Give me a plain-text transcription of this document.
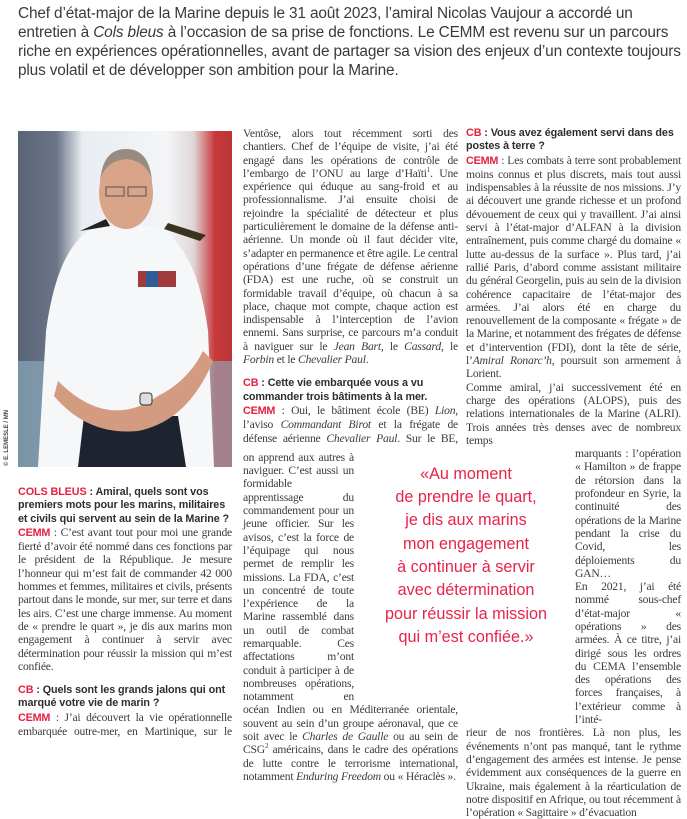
Chef d’état-major de la Marine depuis le 31 août 2023, l’amiral Nicolas Vaujour a accordé un entretien à Cols bleus à l’occasion de sa prise de fonctions. Le CEMM est revenu sur un parcours riche en expériences opérationnelles, avant de partager sa vision des enjeux d’un contexte toujours plus volatil et de développer son ambition pour la Marine.

COLS BLEUS : Amiral, quels sont vos premiers mots pour les marins, militaires et civils qui servent au sein de la Marine ?

CEMM : C’est avant tout pour moi une grande fierté d’avoir été nommé dans ces fonctions par le président de la République. Je mesure l’honneur qui m’est fait de commander 42 000 hommes et femmes, militaires et civils, présents partout dans le monde, sur mer, sur terre et dans les airs. C’est une charge immense. Au moment de « prendre le quart », je dis aux marins mon engagement à continuer à servir avec détermination pour réussir la mission qui m’est confiée.

CB : Quels sont les grands jalons qui ont marqué votre vie de marin ?

CEMM : J’ai découvert la vie opérationnelle embarquée outre-mer, en Martinique, sur le

© E. LEMESLE / MN

Ventôse, alors tout récemment sorti des chantiers. Chef de l’équipe de visite, j’ai été engagé dans les opérations de contrôle de l’embargo de l’ONU au large d’Haïti$^1$. Une expérience qui éduque au sang-froid et au professionnalisme. J’ai ensuite choisi de rejoindre la spécialité de détecteur et plus particulièrement le domaine de la défense anti-aérienne. Un monde où il faut décider vite, s’adapter en permanence et être agile. Le central opérations d’une frégate de défense aérienne (FDA) est une ruche, où se construit un formidable travail d’équipe, où chacun à sa place, chaque mot compte, chaque action est indispensable à l’interception de l’avion ennemi. Sans surprise, ce parcours m’a conduit à naviguer sur le Jean Bart, le Cassard, le Forbin et le Chevalier Paul.

CB : Cette vie embarquée vous a vu commander trois bâtiments à la mer.

CEMM : Oui, le bâtiment école (BE) Lion, l’aviso Commandant Birot et la frégate de défense aérienne Chevalier Paul. Sur le BE,

on apprend aux autres à naviguer. C’est aussi un formidable apprentissage du commandement pour un jeune officier. Sur les avisos, c’est la force de l’équipage qui nous permet de remplir les missions. La FDA, c’est un concentré de toute l’expérience de la Marine rassemblé dans un outil de combat remarquable. Ces affectations m’ont conduit à participer à de nombreuses opérations, notamment en

«Au moment
de prendre le quart,
je dis aux marins
mon engagement
à continuer à servir
avec détermination
pour réussir la mission
qui m’est confiée.»

océan Indien ou en Méditerranée orientale, souvent au sein d’un groupe aéronaval, que ce soit avec le Charles de Gaulle ou au sein de CSG$^2$ américains, dans le cadre des opérations de lutte contre le terrorisme international, notamment Enduring Freedom ou « Héraclès ».

CB : Vous avez également servi dans des postes à terre ?

CEMM : Les combats à terre sont probablement moins connus et plus discrets, mais tout aussi indispensables à la réussite de nos missions. J’y ai découvert une grande richesse et un profond dévouement de ceux qui y travaillent. J’ai ainsi servi à l’état-major d’ALFAN à la division entraînement, puis comme chargé du domaine « lutte au-dessus de la surface ». Plus tard, j’ai rallié Paris, d’abord comme assistant militaire du général Georgelin, puis au sein de la division cohérence capacitaire de l’état-major des armées. J’ai alors été en charge du renouvellement de la composante « frégate » de la Marine, et notamment des frégates de défense et d’intervention (FDI), dont la tête de série, l’Amiral Ronarc’h, poursuit son armement à Lorient.

Comme amiral, j’ai successivement été en charge des opérations (ALOPS), puis des relations internationales de la Marine (ALRI). Trois années très denses avec de nombreux temps

marquants : l’opération « Hamilton » de frappe de rétorsion dans la profondeur en Syrie, la continuité des opérations de la Marine pendant la crise du Covid, les déploiements du GAN…

En 2021, j’ai été nommé sous-chef d’état-major « opérations » des armées. À ce titre, j’ai dirigé sous les ordres du CEMA l’ensemble des opérations des forces françaises, à l’extérieur comme à l’inté-

rieur de nos frontières. Là non plus, les événements n’ont pas manqué, tant le rythme d’engagement des armées est intense. Je pense évidemment aux conséquences de la guerre en Ukraine, mais également à la réarticulation de notre dispositif en Afrique, ou tout récemment à l’opération « Sagittaire » d’évacuation
